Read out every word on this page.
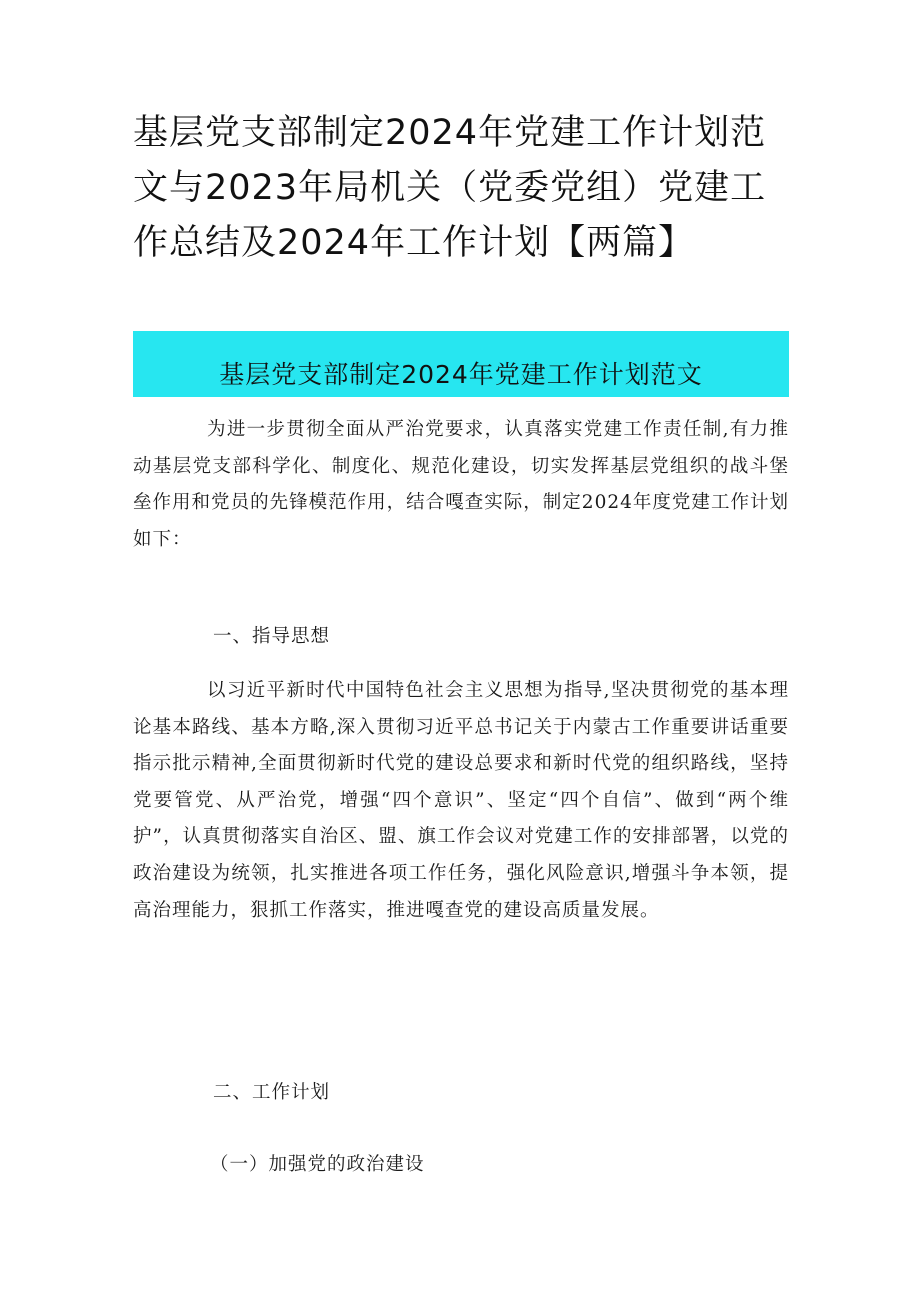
基层党支部制定2024年党建工作计划范文与2023年局机关（党委党组）党建工作总结及2024年工作计划【两篇】
基层党支部制定2024年党建工作计划范文

为进一步贯彻全面从严治党要求，认真落实党建工作责任制,有力推动基层党支部科学化、制度化、规范化建设，切实发挥基层党组织的战斗堡垒作用和党员的先锋模范作用，结合嘎查实际，制定2024年度党建工作计划如下：

一、指导思想

以习近平新时代中国特色社会主义思想为指导,坚决贯彻党的基本理论基本路线、基本方略,深入贯彻习近平总书记关于内蒙古工作重要讲话重要指示批示精神,全面贯彻新时代党的建设总要求和新时代党的组织路线，坚持党要管党、从严治党，增强“四个意识”、坚定“四个自信”、做到“两个维护”，认真贯彻落实自治区、盟、旗工作会议对党建工作的安排部署，以党的政治建设为统领，扎实推进各项工作任务，强化风险意识,增强斗争本领，提高治理能力，狠抓工作落实，推进嘎查党的建设高质量发展。

二、工作计划
（一）加强党的政治建设
